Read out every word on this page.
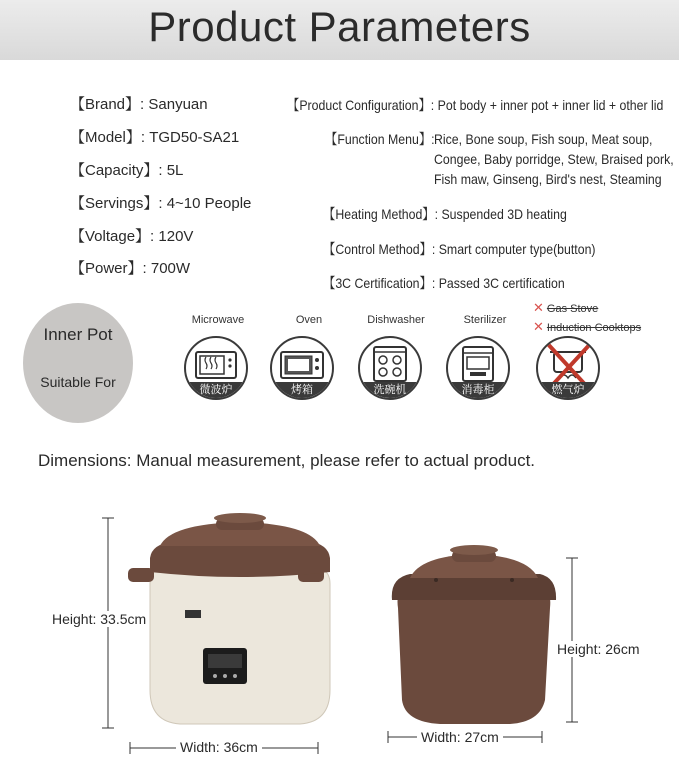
Product Parameters
【Brand】: Sanyuan
【Model】: TGD50-SA21
【Capacity】: 5L
【Servings】: 4~10 People
【Voltage】: 120V
【Power】: 700W
【Product Configuration】: Pot body + inner pot + inner lid + other lid
【Function Menu】: Rice, Bone soup, Fish soup, Meat soup,
Congee, Baby porridge, Stew, Braised pork,
Fish maw, Ginseng, Bird's nest, Steaming
【Heating Method】: Suspended 3D heating
【Control Method】: Smart computer type(button)
【3C Certification】: Passed 3C certification
Inner Pot
Suitable For
Microwave	Oven	Dishwasher	Sterilizer
✕ Gas Stove
✕ Induction Cooktops
微波炉	烤箱	洗碗机	消毒柜	燃气炉
Dimensions: Manual measurement, please refer to actual product.
Height: 33.5cm
Width: 36cm
Height: 26cm
Width: 27cm
